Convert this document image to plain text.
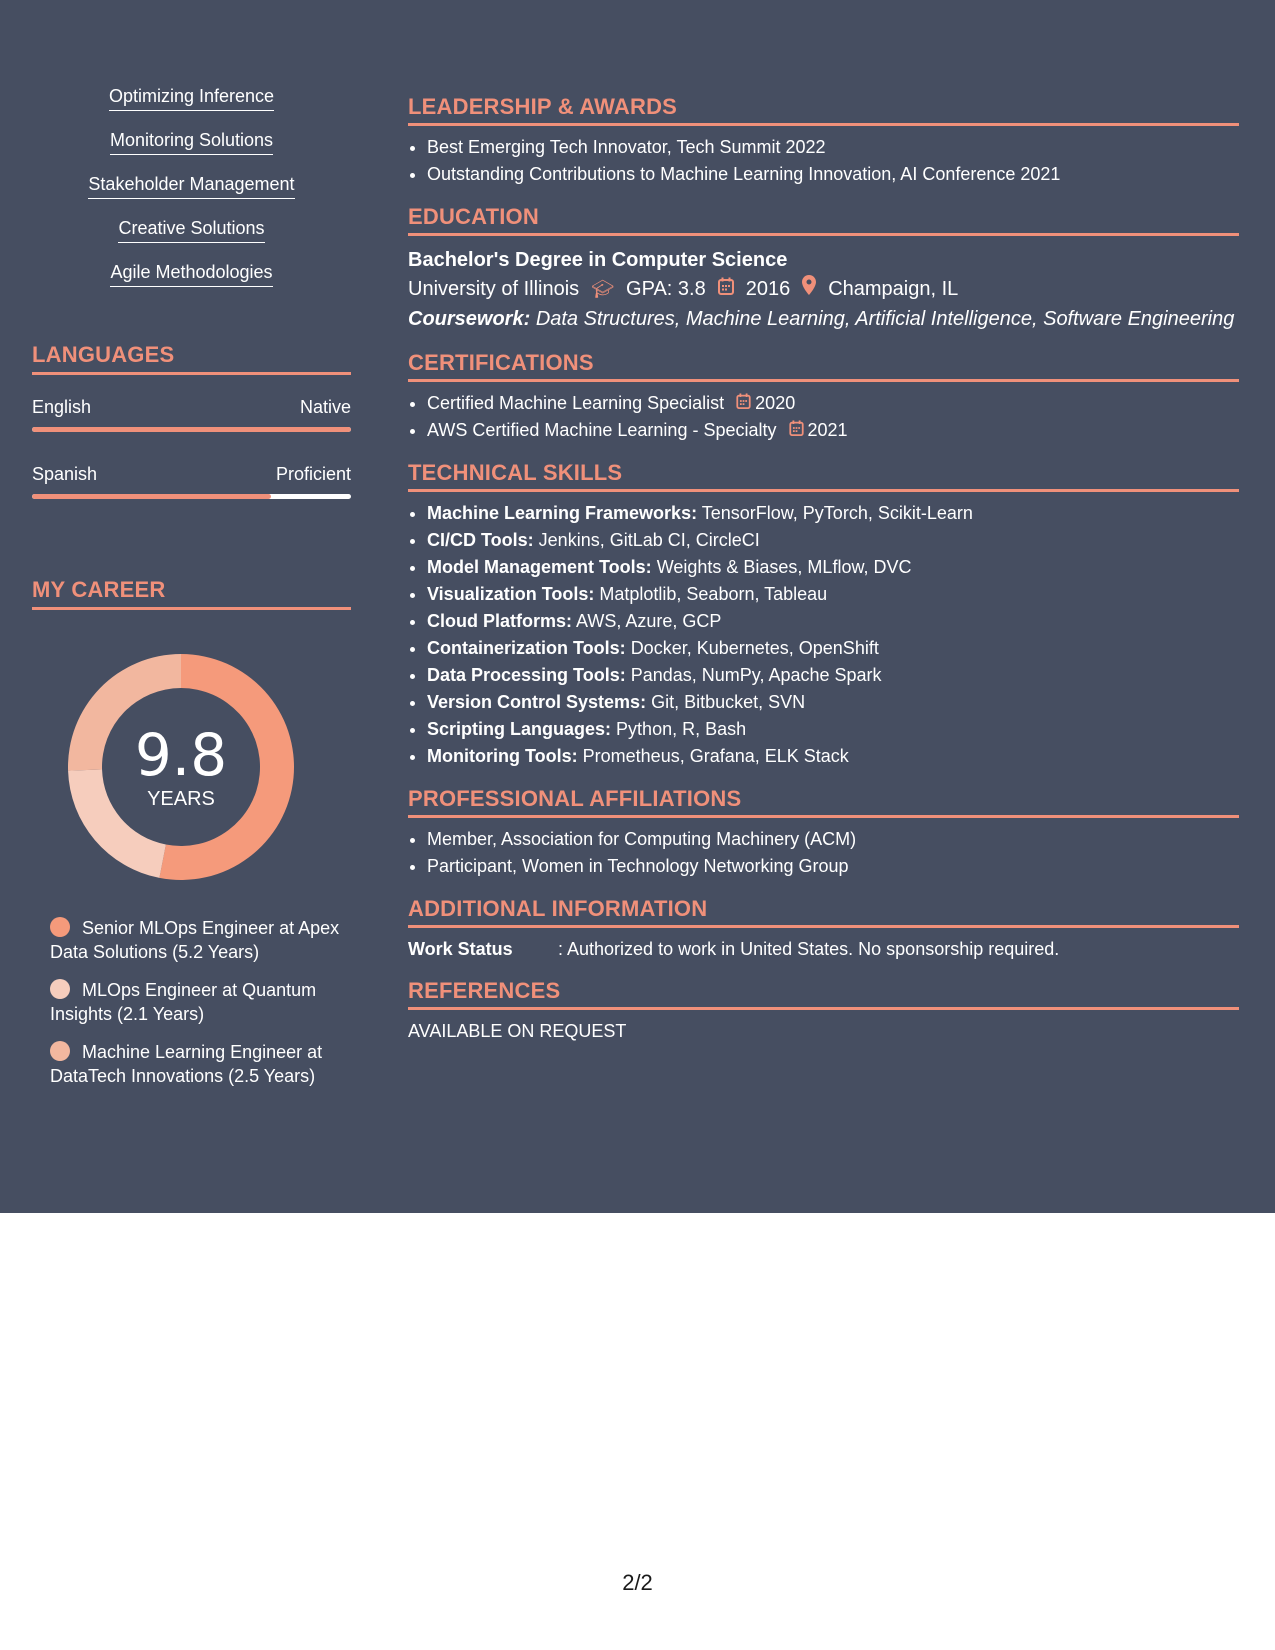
Optimizing Inference
Monitoring Solutions
Stakeholder Management
Creative Solutions
Agile Methodologies
LANGUAGES
English	Native
Spanish	Proficient
MY CAREER
9.8
YEARS
Senior MLOps Engineer at Apex Data Solutions (5.2 Years)
MLOps Engineer at Quantum Insights (2.1 Years)
Machine Learning Engineer at DataTech Innovations (2.5 Years)
LEADERSHIP & AWARDS
• Best Emerging Tech Innovator, Tech Summit 2022
• Outstanding Contributions to Machine Learning Innovation, AI Conference 2021
EDUCATION
Bachelor's Degree in Computer Science
University of Illinois 🎓︎ GPA: 3.8 2016 Champaign, IL
Coursework: Data Structures, Machine Learning, Artificial Intelligence, Software Engineering
CERTIFICATIONS
• Certified Machine Learning Specialist 2020
• AWS Certified Machine Learning - Specialty 2021
TECHNICAL SKILLS
• Machine Learning Frameworks: TensorFlow, PyTorch, Scikit-Learn
• CI/CD Tools: Jenkins, GitLab CI, CircleCI
• Model Management Tools: Weights & Biases, MLflow, DVC
• Visualization Tools: Matplotlib, Seaborn, Tableau
• Cloud Platforms: AWS, Azure, GCP
• Containerization Tools: Docker, Kubernetes, OpenShift
• Data Processing Tools: Pandas, NumPy, Apache Spark
• Version Control Systems: Git, Bitbucket, SVN
• Scripting Languages: Python, R, Bash
• Monitoring Tools: Prometheus, Grafana, ELK Stack
PROFESSIONAL AFFILIATIONS
• Member, Association for Computing Machinery (ACM)
• Participant, Women in Technology Networking Group
ADDITIONAL INFORMATION
Work Status	: Authorized to work in United States. No sponsorship required.
REFERENCES
AVAILABLE ON REQUEST
2/2
